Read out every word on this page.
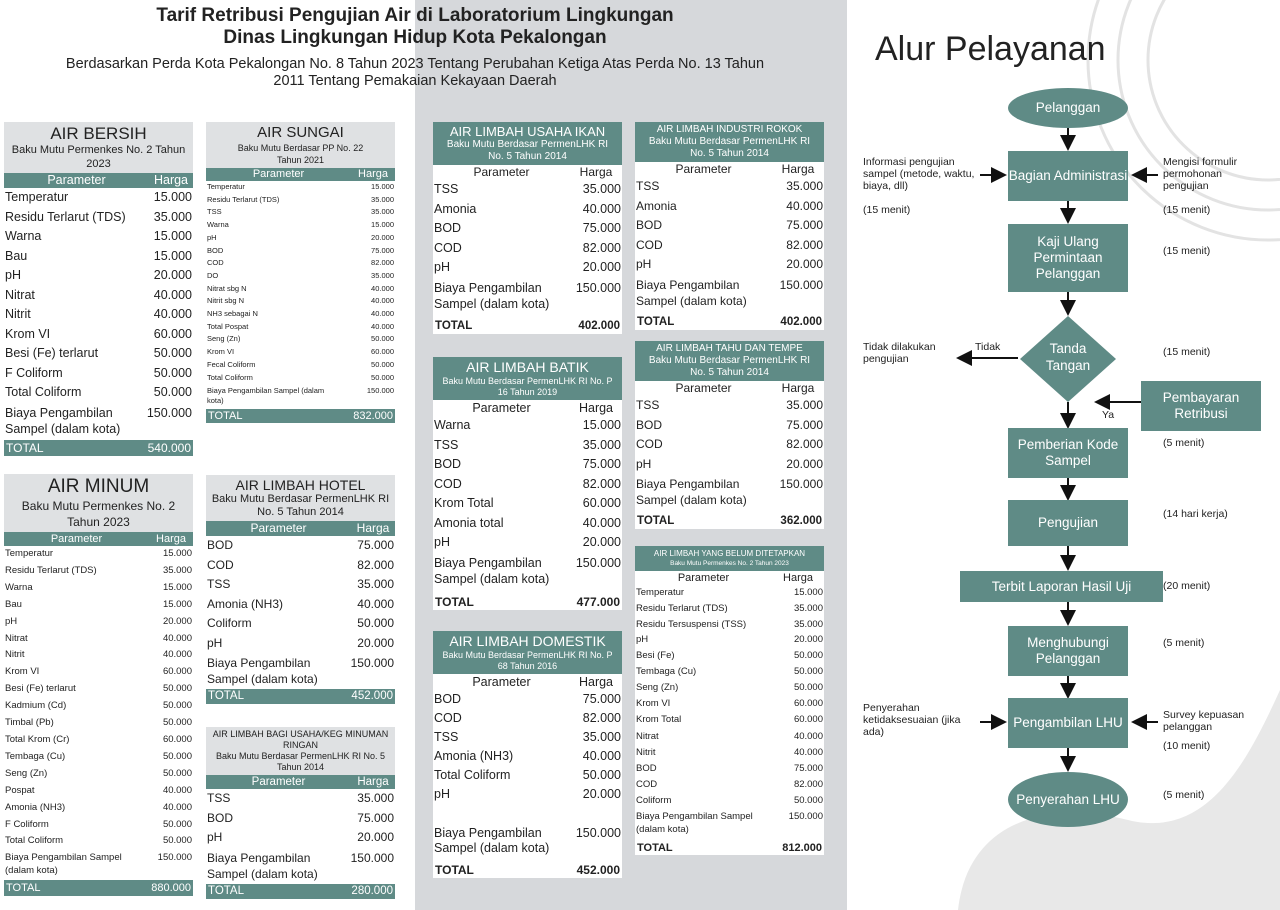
Tarif Retribusi Pengujian Air di Laboratorium Lingkungan
Dinas Lingkungan Hidup Kota Pekalongan
Berdasarkan Perda Kota Pekalongan No. 8 Tahun 2023 Tentang Perubahan Ketiga Atas Perda No. 13 Tahun
2011 Tentang Pemakaian Kekayaan Daerah
AIR BERSIH
Baku Mutu Permenkes No. 2 Tahun 2023
Parameter	Harga
Temperatur	15.000
Residu Terlarut (TDS)	35.000
Warna	15.000
Bau	15.000
pH	20.000
Nitrat	40.000
Nitrit	40.000
Krom VI	60.000
Besi (Fe) terlarut	50.000
F Coliform	50.000
Total Coliform	50.000
Biaya Pengambilan Sampel (dalam kota)
150.000
TOTAL	540.000
AIR MINUM
Baku Mutu Permenkes No. 2 Tahun 2023
Parameter	Harga
Temperatur	15.000
Residu Terlarut (TDS)	35.000
Warna	15.000
Bau	15.000
pH	20.000
Nitrat	40.000
Nitrit	40.000
Krom VI	60.000
Besi (Fe) terlarut	50.000
Kadmium (Cd)	50.000
Timbal (Pb)	50.000
Total Krom (Cr)	60.000
Tembaga (Cu)	50.000
Seng (Zn)	50.000
Pospat	40.000
Amonia (NH3)	40.000
F Coliform	50.000
Total Coliform	50.000
Biaya Pengambilan Sampel (dalam kota)
150.000
TOTAL	880.000
AIR SUNGAI
Baku Mutu Berdasar PP No. 22 Tahun 2021
Parameter	Harga
Temperatur	15.000
Residu Terlarut (TDS)	35.000
TSS	35.000
Warna	15.000
pH	20.000
BOD	75.000
COD	82.000
DO	35.000
Nitrat sbg N	40.000
Nitrit sbg N	40.000
NH3 sebagai N	40.000
Total Pospat	40.000
Seng (Zn)	50.000
Krom VI	60.000
Fecal Coliform	50.000
Total Coliform	50.000
Biaya Pengambilan Sampel (dalam kota)
150.000
TOTAL	832.000
AIR LIMBAH HOTEL
Baku Mutu Berdasar PermenLHK RI No. 5 Tahun 2014
Parameter	Harga
BOD	75.000
COD	82.000
TSS	35.000
Amonia (NH3)	40.000
Coliform	50.000
pH	20.000
Biaya Pengambilan Sampel (dalam kota)
150.000
TOTAL	452.000
AIR LIMBAH BAGI USAHA/KEG MINUMAN RINGAN
Baku Mutu Berdasar PermenLHK RI No. 5 Tahun 2014
Parameter	Harga
TSS	35.000
BOD	75.000
pH	20.000
Biaya Pengambilan Sampel (dalam kota)
150.000
TOTAL	280.000
AIR LIMBAH USAHA IKAN
Baku Mutu Berdasar PermenLHK RI No. 5 Tahun 2014
Parameter	Harga
TSS	35.000
Amonia	40.000
BOD	75.000
COD	82.000
pH	20.000
Biaya Pengambilan Sampel (dalam kota)
150.000
TOTAL	402.000
AIR LIMBAH BATIK
Baku Mutu Berdasar PermenLHK RI No. P 16 Tahun 2019
Parameter	Harga
Warna	15.000
TSS	35.000
BOD	75.000
COD	82.000
Krom Total	60.000
Amonia total	40.000
pH	20.000
Biaya Pengambilan Sampel (dalam kota)
150.000
TOTAL	477.000
AIR LIMBAH DOMESTIK
Baku Mutu Berdasar PermenLHK RI No. P 68 Tahun 2016
Parameter	Harga
BOD	75.000
COD	82.000
TSS	35.000
Amonia (NH3)	40.000
Total Coliform	50.000
pH	20.000
Biaya Pengambilan Sampel (dalam kota)
150.000
TOTAL	452.000
AIR LIMBAH INDUSTRI ROKOK
Baku Mutu Berdasar PermenLHK RI No. 5 Tahun 2014
Parameter	Harga
TSS	35.000
Amonia	40.000
BOD	75.000
COD	82.000
pH	20.000
Biaya Pengambilan Sampel (dalam kota)
150.000
TOTAL	402.000
AIR LIMBAH TAHU DAN TEMPE
Baku Mutu Berdasar PermenLHK RI No. 5 Tahun 2014
Parameter	Harga
TSS	35.000
BOD	75.000
COD	82.000
pH	20.000
Biaya Pengambilan Sampel (dalam kota)
150.000
TOTAL	362.000
AIR LIMBAH YANG BELUM DITETAPKAN
Baku Mutu Permenkes No. 2 Tahun 2023
Parameter	Harga
Temperatur	15.000
Residu Terlarut (TDS)	35.000
Residu Tersuspensi (TSS)	35.000
pH	20.000
Besi (Fe)	50.000
Tembaga (Cu)	50.000
Seng (Zn)	50.000
Krom VI	60.000
Krom Total	60.000
Nitrat	40.000
Nitrit	40.000
BOD	75.000
COD	82.000
Coliform	50.000
Biaya Pengambilan Sampel (dalam kota)
150.000
TOTAL	812.000
Alur Pelayanan
Pelanggan
Bagian Administrasi
Kaji Ulang Permintaan Pelanggan
Tanda Tangan
Pembayaran Retribusi
Pemberian Kode Sampel
Pengujian
Terbit Laporan Hasil Uji
Menghubungi Pelanggan
Pengambilan LHU
Penyerahan LHU
Informasi pengujian sampel (metode, waktu, biaya, dll)
(15 menit)
Mengisi formulir permohonan pengujian
(15 menit)
(15 menit)
Tidak dilakukan pengujian
Tidak	(15 menit)
Ya
(5 menit)
(14 hari kerja)
(20 menit)
(5 menit)
Penyerahan ketidaksesuaian (jika ada)
Survey kepuasan pelanggan
(10 menit)
(5 menit)
